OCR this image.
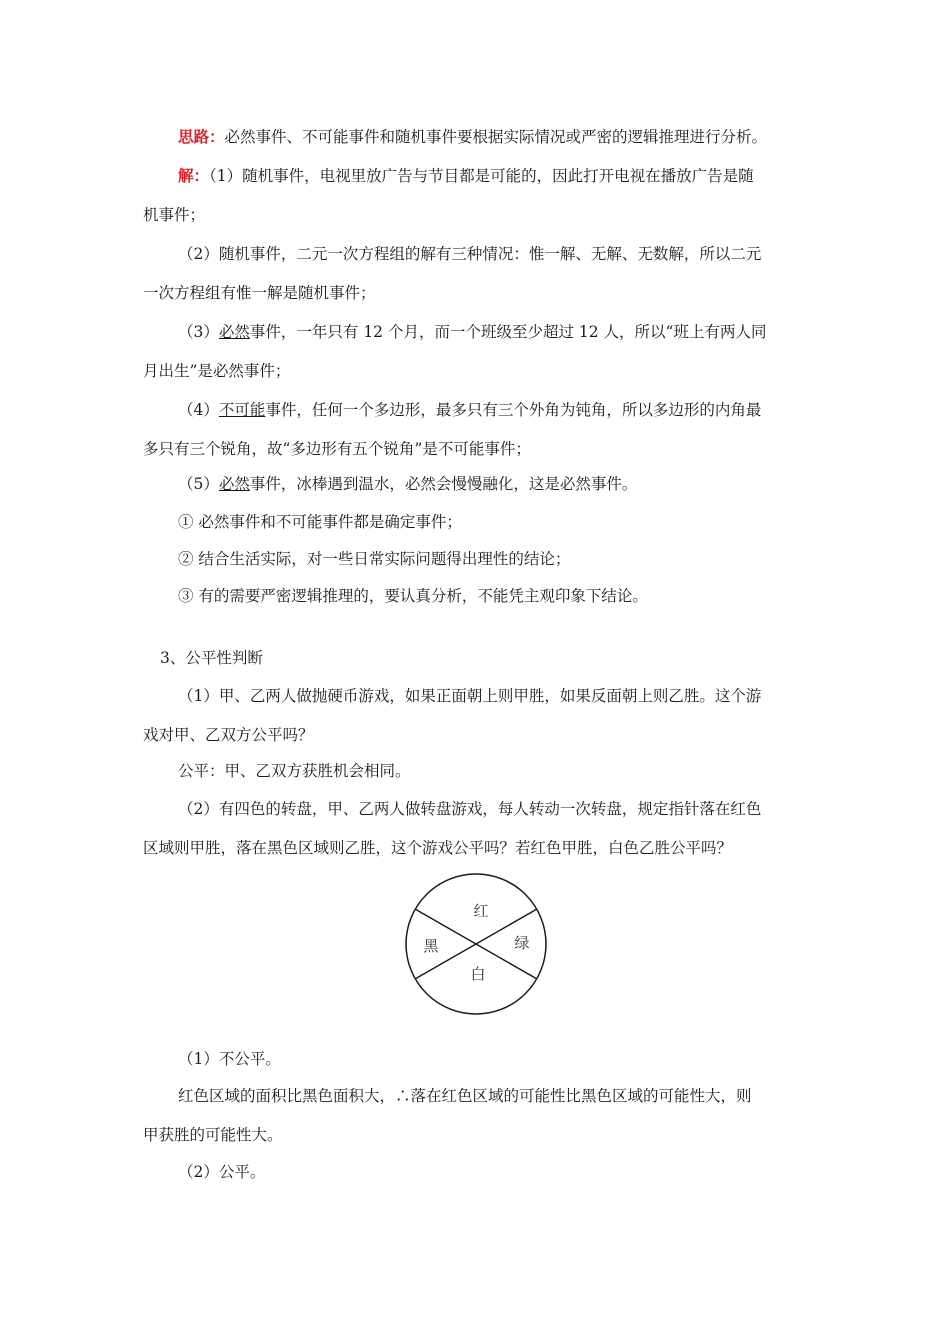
思路：必然事件、不可能事件和随机事件要根据实际情况或严密的逻辑推理进行分析。
解：（1）随机事件，电视里放广告与节目都是可能的，因此打开电视在播放广告是随
机事件；
（2）随机事件，二元一次方程组的解有三种情况：惟一解、无解、无数解，所以二元
一次方程组有惟一解是随机事件；
（3）必然事件，一年只有 12 个月，而一个班级至少超过 12 人，所以“班上有两人同
月出生”是必然事件；
（4）不可能事件，任何一个多边形，最多只有三个外角为钝角，所以多边形的内角最
多只有三个锐角，故“多边形有五个锐角”是不可能事件；
（5）必然事件，冰棒遇到温水，必然会慢慢融化，这是必然事件。
① 必然事件和不可能事件都是确定事件；
② 结合生活实际，对一些日常实际问题得出理性的结论；
③ 有的需要严密逻辑推理的，要认真分析，不能凭主观印象下结论。
3、公平性判断
（1）甲、乙两人做抛硬币游戏，如果正面朝上则甲胜，如果反面朝上则乙胜。这个游
戏对甲、乙双方公平吗？
公平：甲、乙双方获胜机会相同。
（2）有四色的转盘，甲、乙两人做转盘游戏，每人转动一次转盘，规定指针落在红色
区域则甲胜，落在黑色区域则乙胜，这个游戏公平吗？若红色甲胜，白色乙胜公平吗？
红
黑	绿
白
（1）不公平。
红色区域的面积比黑色面积大，∴落在红色区域的可能性比黑色区域的可能性大，则
甲获胜的可能性大。
（2）公平。
